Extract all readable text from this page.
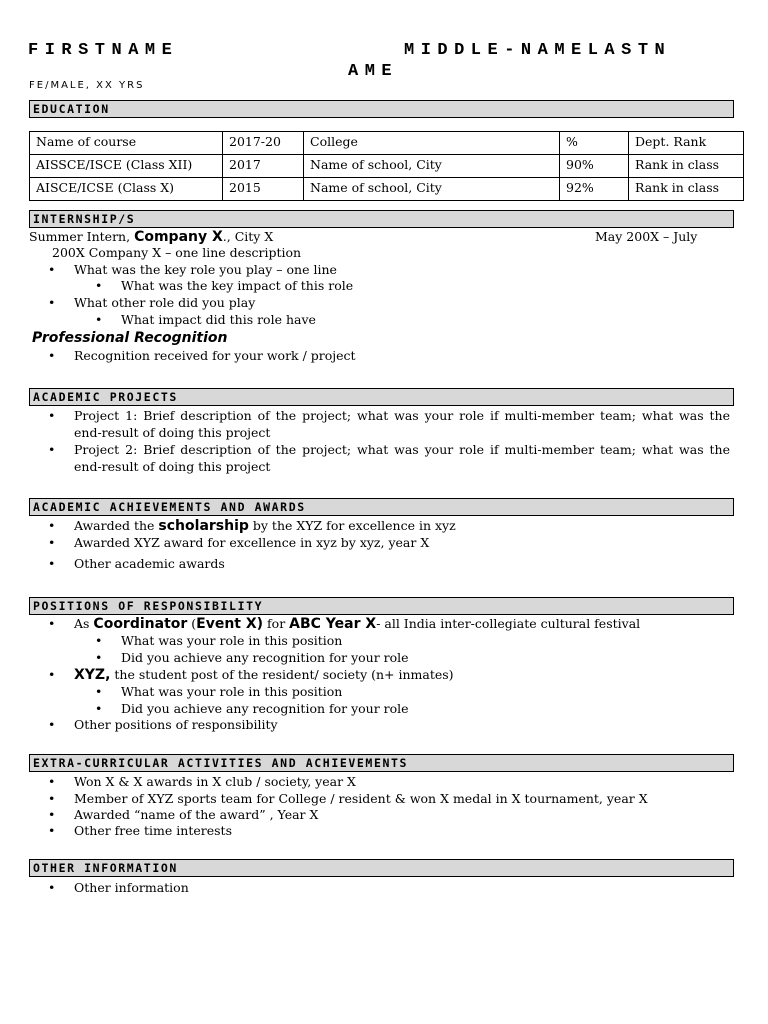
FIRSTNAME	MIDDLE-NAMELASTN
AME
FE/MALE, XX YRS
EDUCATION
Name of course	2017-20	College	%	Dept. Rank
AISSCE/ISCE (Class XII)	2017	Name of school, City	90%	Rank in class
AISCE/ICSE (Class X)	2015	Name of school, City	92%	Rank in class
INTERNSHIP/S
Summer Intern, Company X., City X	May 200X – July
200X Company X – one line description
• What was the key role you play – one line
• What was the key impact of this role
• What other role did you play
• What impact did this role have
Professional Recognition
• Recognition received for your work / project
ACADEMIC PROJECTS
• Project 1: Brief description of the project; what was your role if multi-member team; what was the end-result of doing this project
• Project 2: Brief description of the project; what was your role if multi-member team; what was the end-result of doing this project
ACADEMIC ACHIEVEMENTS AND AWARDS
• Awarded the scholarship by the XYZ for excellence in xyz
• Awarded XYZ award for excellence in xyz by xyz, year X
• Other academic awards
POSITIONS OF RESPONSIBILITY
• As Coordinator (Event X) for ABC Year X- all India inter-collegiate cultural festival
• What was your role in this position
• Did you achieve any recognition for your role
• XYZ, the student post of the resident/ society (n+ inmates)
• What was your role in this position
• Did you achieve any recognition for your role
• Other positions of responsibility
EXTRA-CURRICULAR ACTIVITIES AND ACHIEVEMENTS
• Won X & X awards in X club / society, year X
• Member of XYZ sports team for College / resident & won X medal in X tournament, year X
• Awarded “name of the award” , Year X
• Other free time interests
OTHER INFORMATION
• Other information
